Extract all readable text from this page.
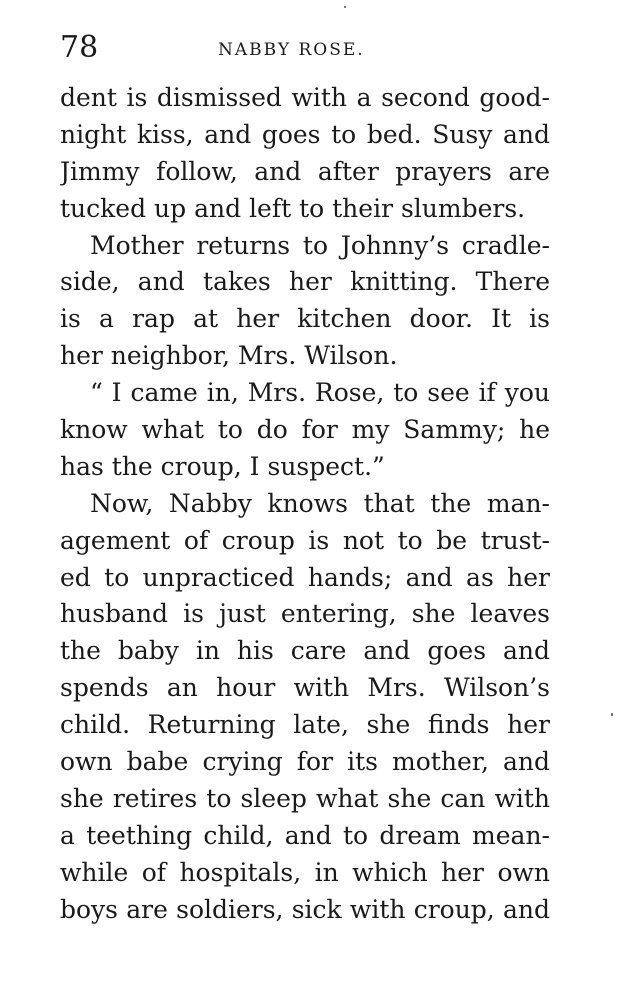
78	NABBY ROSE.
dent is dismissed with a second good-
night kiss, and goes to bed. Susy and
Jimmy follow, and after prayers are
tucked up and left to their slumbers.
Mother returns to Johnny’s cradle-
side, and takes her knitting. There
is a rap at her kitchen door. It is
her neighbor, Mrs. Wilson.
“ I came in, Mrs. Rose, to see if you
know what to do for my Sammy; he
has the croup, I suspect.”
Now, Nabby knows that the man-
agement of croup is not to be trust-
ed to unpracticed hands; and as her
husband is just entering, she leaves
the baby in his care and goes and
spends an hour with Mrs. Wilson’s
child. Returning late, she finds her
own babe crying for its mother, and
she retires to sleep what she can with
a teething child, and to dream mean-
while of hospitals, in which her own
boys are soldiers, sick with croup, and
